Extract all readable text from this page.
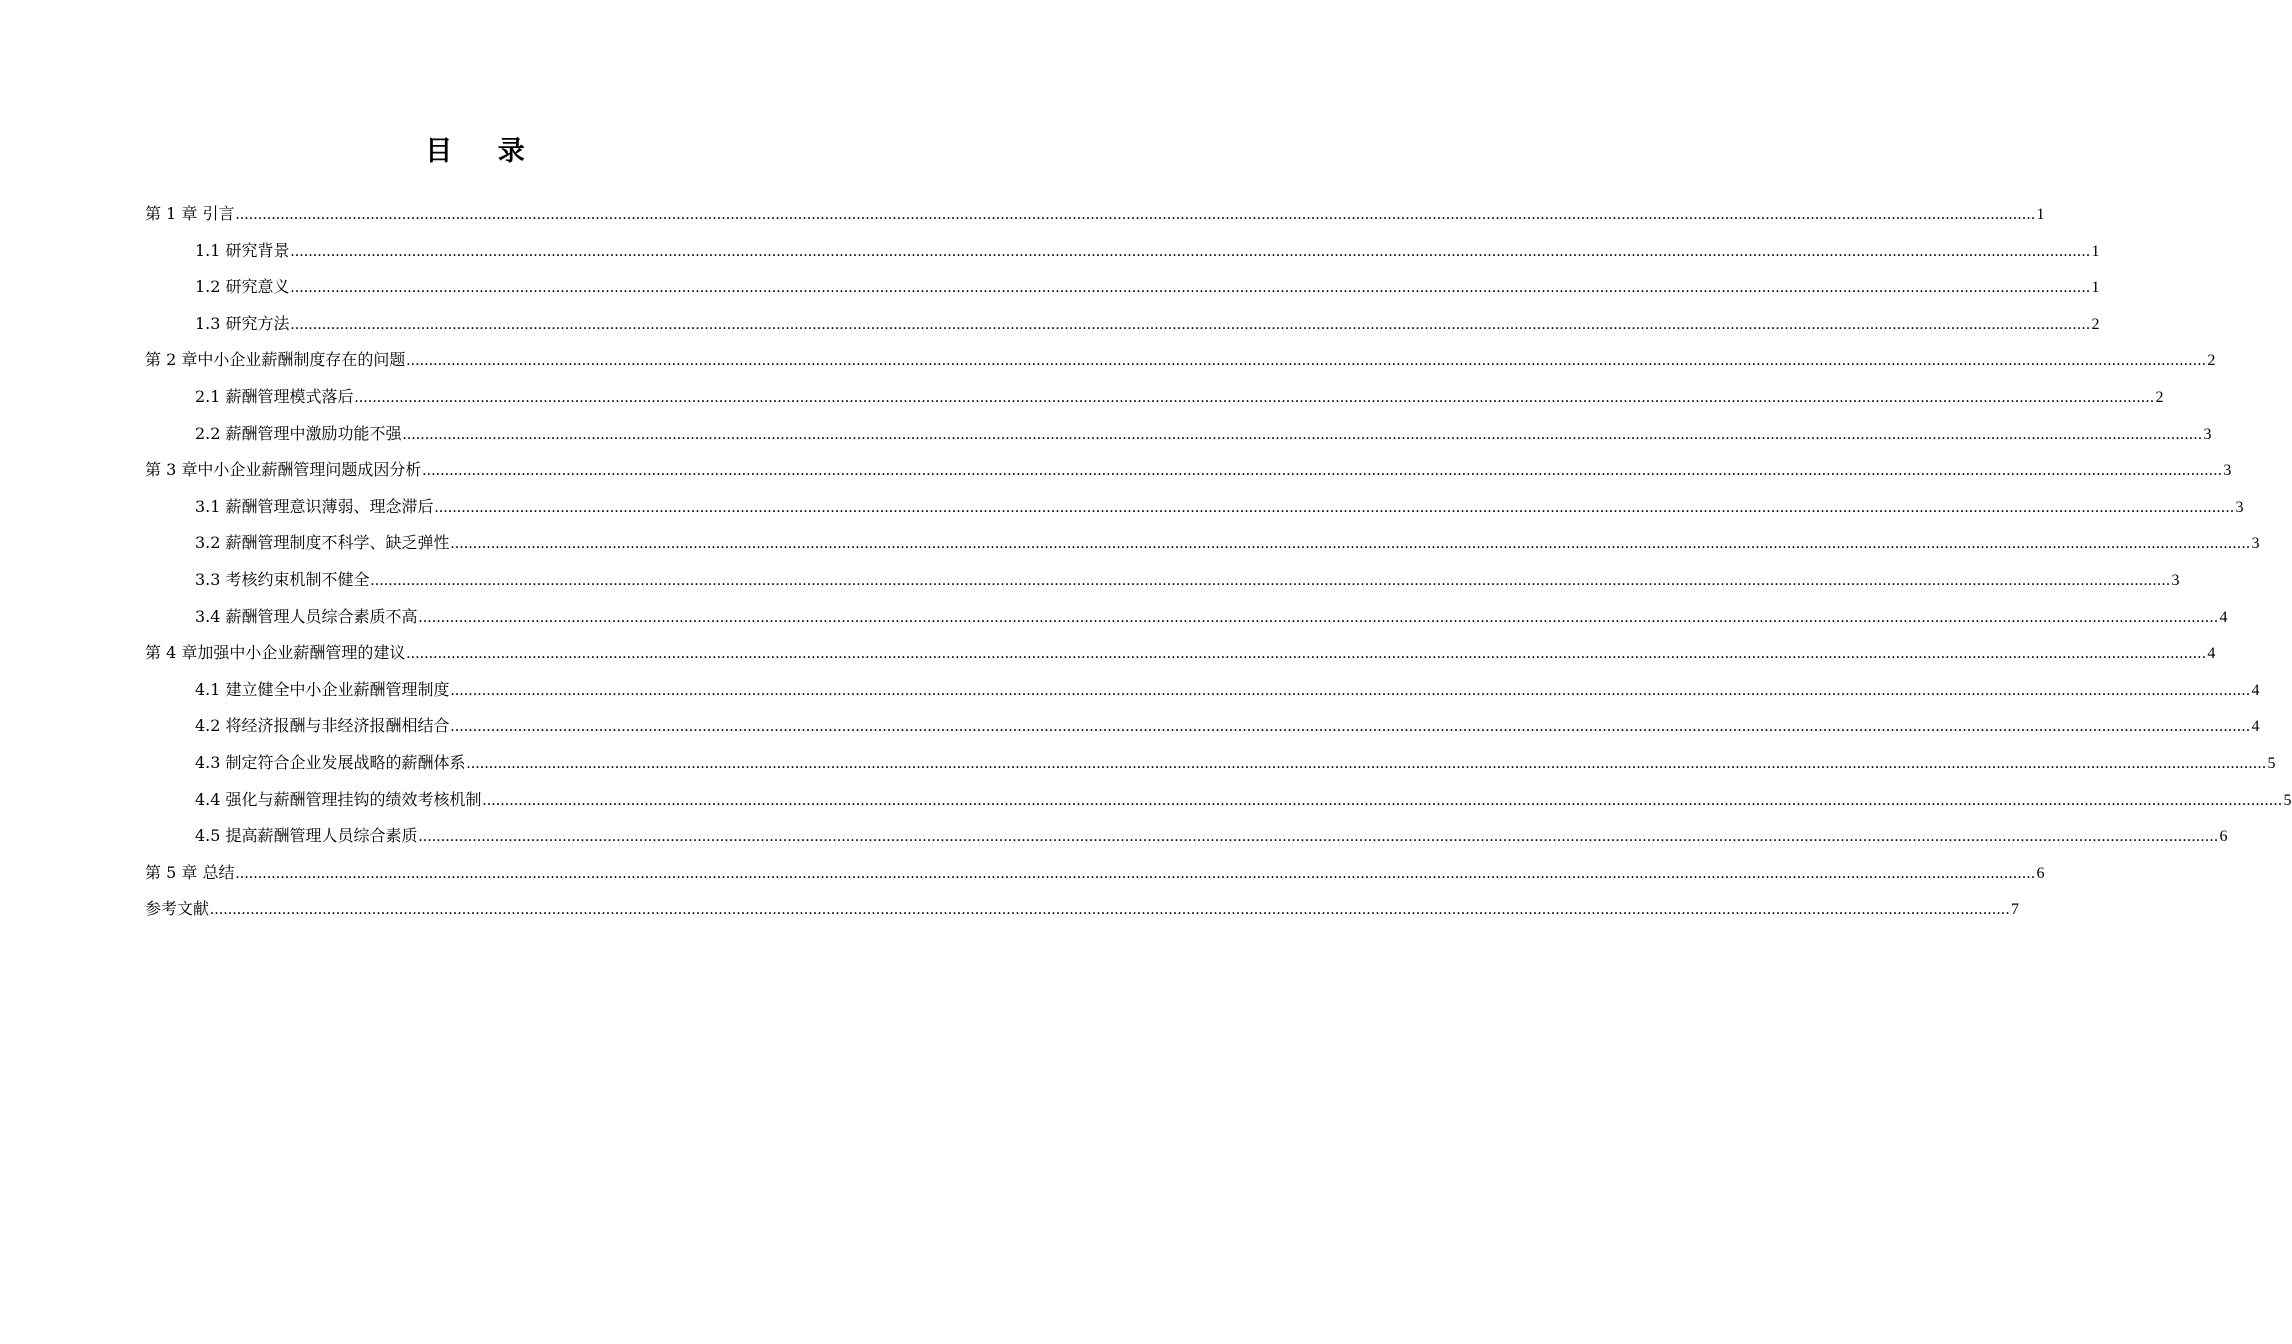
目 录
第 1 章 引言 ................................................................................................................................................................................................................................................................................................................................................................................................................ 1
1.1 研究背景 ................................................................................................................................................................................................................................................................................................................................................................................................................ 1
1.2 研究意义 ................................................................................................................................................................................................................................................................................................................................................................................................................ 1
1.3 研究方法 ................................................................................................................................................................................................................................................................................................................................................................................................................ 2
第 2 章中小企业薪酬制度存在的问题 ................................................................................................................................................................................................................................................................................................................................................................................................................ 2
2.1 薪酬管理模式落后 ................................................................................................................................................................................................................................................................................................................................................................................................................ 2
2.2 薪酬管理中激励功能不强 ................................................................................................................................................................................................................................................................................................................................................................................................................ 3
第 3 章中小企业薪酬管理问题成因分析 ................................................................................................................................................................................................................................................................................................................................................................................................................ 3
3.1 薪酬管理意识薄弱、理念滞后 ................................................................................................................................................................................................................................................................................................................................................................................................................ 3
3.2 薪酬管理制度不科学、缺乏弹性 ................................................................................................................................................................................................................................................................................................................................................................................................................ 3
3.3 考核约束机制不健全 ................................................................................................................................................................................................................................................................................................................................................................................................................ 3
3.4 薪酬管理人员综合素质不高 ................................................................................................................................................................................................................................................................................................................................................................................................................ 4
第 4 章加强中小企业薪酬管理的建议 ................................................................................................................................................................................................................................................................................................................................................................................................................ 4
4.1 建立健全中小企业薪酬管理制度 ................................................................................................................................................................................................................................................................................................................................................................................................................ 4
4.2 将经济报酬与非经济报酬相结合 ................................................................................................................................................................................................................................................................................................................................................................................................................ 4
4.3 制定符合企业发展战略的薪酬体系 ................................................................................................................................................................................................................................................................................................................................................................................................................ 5
4.4 强化与薪酬管理挂钩的绩效考核机制 ................................................................................................................................................................................................................................................................................................................................................................................................................ 5
4.5 提高薪酬管理人员综合素质 ................................................................................................................................................................................................................................................................................................................................................................................................................ 6
第 5 章 总结 ................................................................................................................................................................................................................................................................................................................................................................................................................ 6
参考文献 ................................................................................................................................................................................................................................................................................................................................................................................................................ 7
